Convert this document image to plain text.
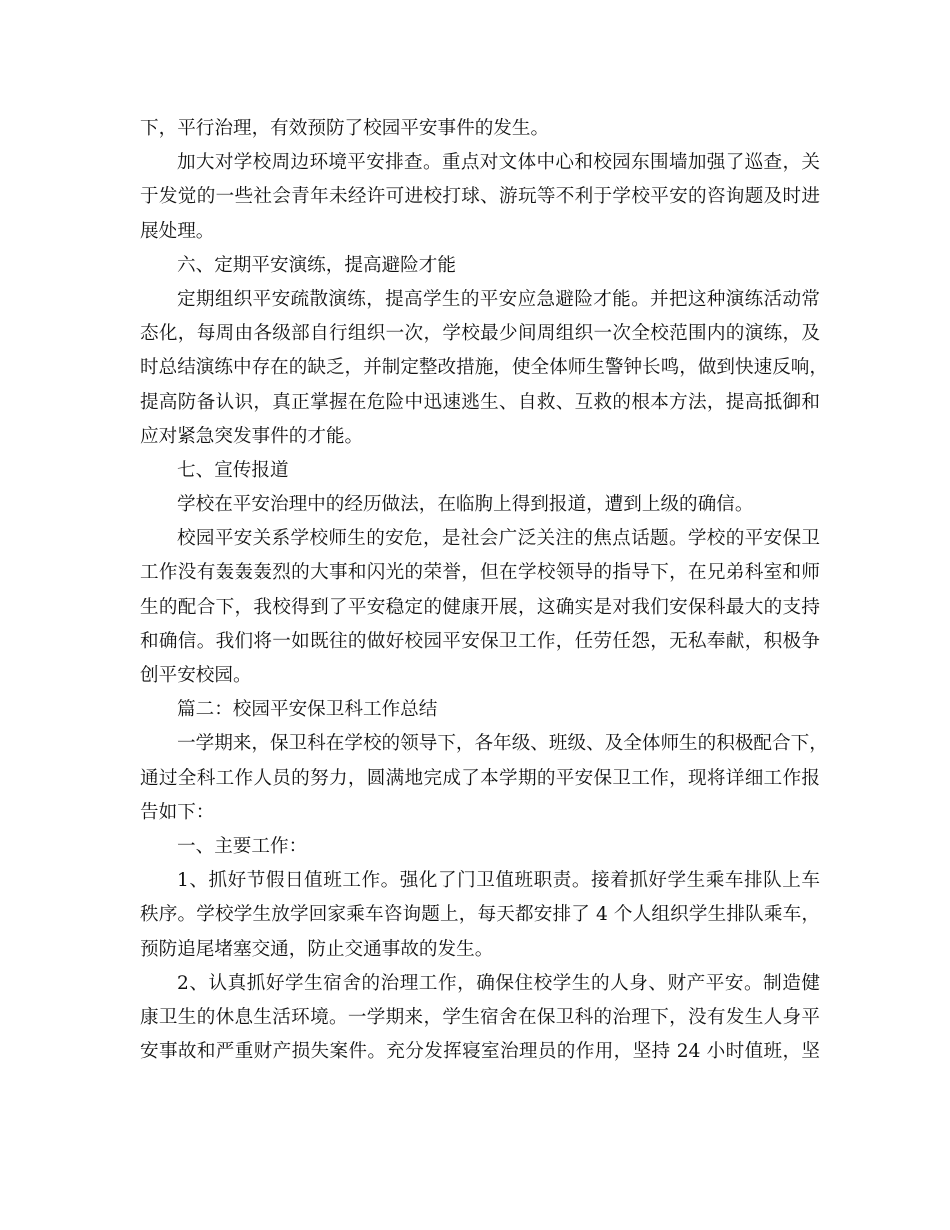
下，平行治理，有效预防了校园平安事件的发生。
加大对学校周边环境平安排查。重点对文体中心和校园东围墙加强了巡查，关
于发觉的一些社会青年未经许可进校打球、游玩等不利于学校平安的咨询题及时进
展处理。
六、定期平安演练，提高避险才能
定期组织平安疏散演练，提高学生的平安应急避险才能。并把这种演练活动常
态化，每周由各级部自行组织一次，学校最少间周组织一次全校范围内的演练，及
时总结演练中存在的缺乏，并制定整改措施，使全体师生警钟长鸣，做到快速反响，
提高防备认识，真正掌握在危险中迅速逃生、自救、互救的根本方法，提高抵御和
应对紧急突发事件的才能。
七、宣传报道
学校在平安治理中的经历做法，在临朐上得到报道，遭到上级的确信。
校园平安关系学校师生的安危，是社会广泛关注的焦点话题。学校的平安保卫
工作没有轰轰轰烈的大事和闪光的荣誉，但在学校领导的指导下，在兄弟科室和师
生的配合下，我校得到了平安稳定的健康开展，这确实是对我们安保科最大的支持
和确信。我们将一如既往的做好校园平安保卫工作，任劳任怨，无私奉献，积极争
创平安校园。
篇二：校园平安保卫科工作总结
一学期来，保卫科在学校的领导下，各年级、班级、及全体师生的积极配合下，
通过全科工作人员的努力，圆满地完成了本学期的平安保卫工作，现将详细工作报
告如下：
一、主要工作：
1、抓好节假日值班工作。强化了门卫值班职责。接着抓好学生乘车排队上车
秩序。学校学生放学回家乘车咨询题上，每天都安排了 4 个人组织学生排队乘车，
预防追尾堵塞交通，防止交通事故的发生。
2、认真抓好学生宿舍的治理工作，确保住校学生的人身、财产平安。制造健
康卫生的休息生活环境。一学期来，学生宿舍在保卫科的治理下，没有发生人身平
安事故和严重财产损失案件。充分发挥寝室治理员的作用，坚持 24 小时值班，坚
